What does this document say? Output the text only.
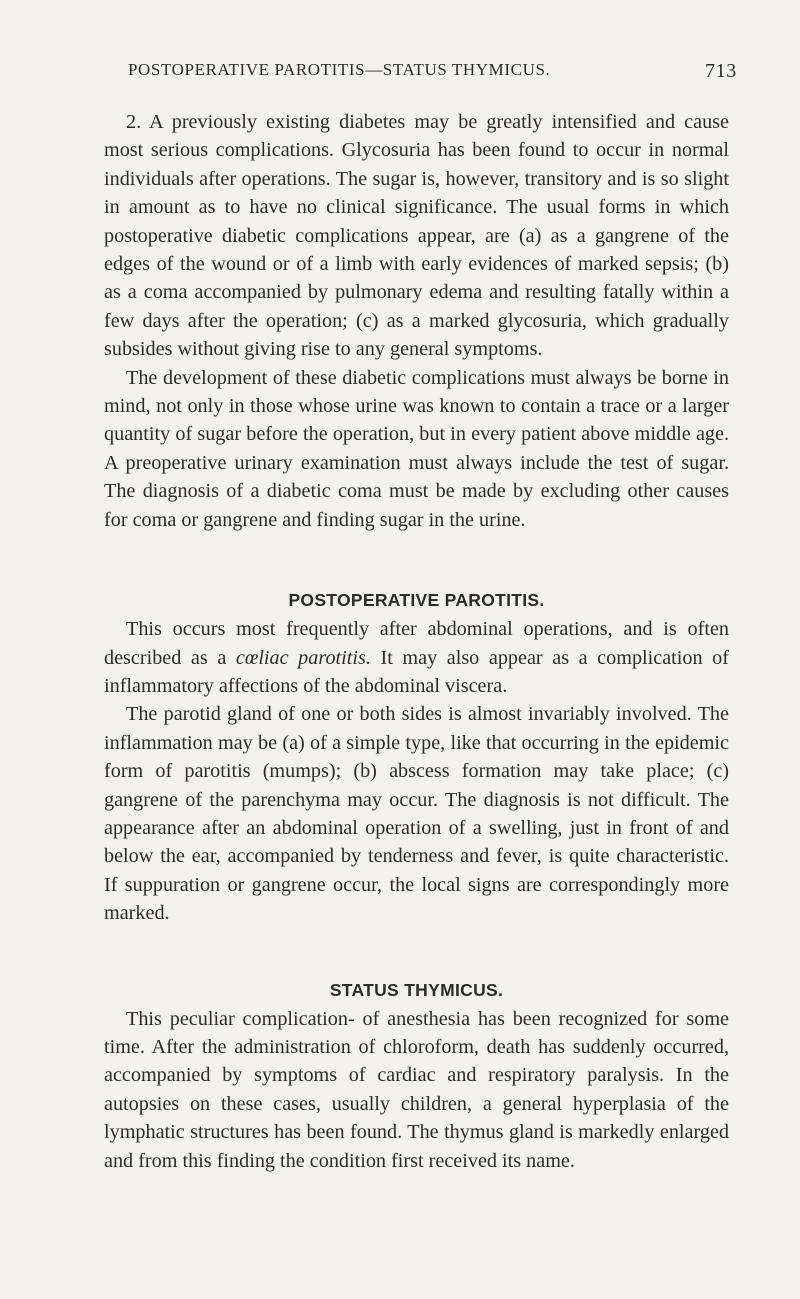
POSTOPERATIVE PAROTITIS—STATUS THYMICUS.	713

2. A previously existing diabetes may be greatly intensified and cause most serious complications. Glycosuria has been found to occur in normal individuals after operations. The sugar is, however, transitory and is so slight in amount as to have no clinical significance. The usual forms in which postoperative diabetic complications appear, are (a) as a gangrene of the edges of the wound or of a limb with early evidences of marked sepsis; (b) as a coma accompanied by pulmonary edema and resulting fatally within a few days after the operation; (c) as a marked glycosuria, which gradually subsides without giving rise to any general symptoms.

The development of these diabetic complications must always be borne in mind, not only in those whose urine was known to contain a trace or a larger quantity of sugar before the operation, but in every patient above middle age. A preoperative urinary examination must always include the test of sugar. The diagnosis of a diabetic coma must be made by excluding other causes for coma or gangrene and finding sugar in the urine.

POSTOPERATIVE PAROTITIS.

This occurs most frequently after abdominal operations, and is often described as a cœliac parotitis. It may also appear as a complication of inflammatory affections of the abdominal viscera.

The parotid gland of one or both sides is almost invariably involved. The inflammation may be (a) of a simple type, like that occurring in the epidemic form of parotitis (mumps); (b) abscess formation may take place; (c) gangrene of the parenchyma may occur. The diagnosis is not difficult. The appearance after an abdominal operation of a swelling, just in front of and below the ear, accompanied by tenderness and fever, is quite characteristic. If suppuration or gangrene occur, the local signs are correspondingly more marked.

STATUS THYMICUS.

This peculiar complication- of anesthesia has been recognized for some time. After the administration of chloroform, death has suddenly occurred, accompanied by symptoms of cardiac and respiratory paralysis. In the autopsies on these cases, usually children, a general hyperplasia of the lymphatic structures has been found. The thymus gland is markedly enlarged and from this finding the condition first received its name.
